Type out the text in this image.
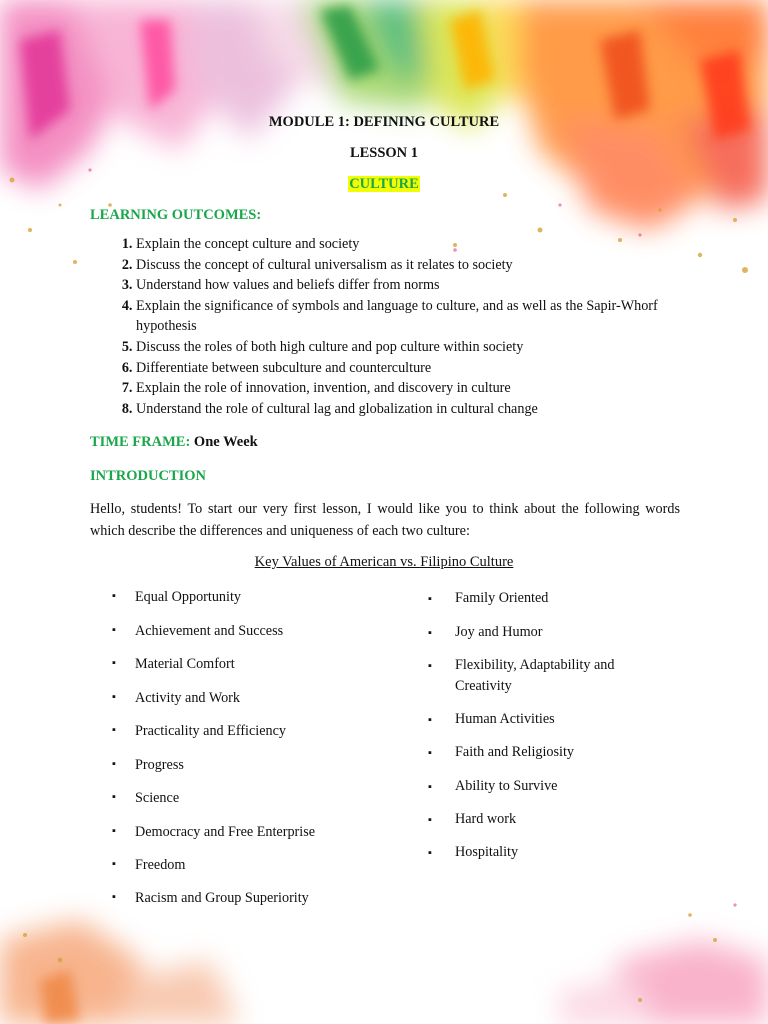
MODULE 1: DEFINING CULTURE
LESSON 1
CULTURE
LEARNING OUTCOMES:
1. Explain the concept culture and society
2. Discuss the concept of cultural universalism as it relates to society
3. Understand how values and beliefs differ from norms
4. Explain the significance of symbols and language to culture, and as well as the Sapir-Whorf hypothesis
5. Discuss the roles of both high culture and pop culture within society
6. Differentiate between subculture and counterculture
7. Explain the role of innovation, invention, and discovery in culture
8. Understand the role of cultural lag and globalization in cultural change
TIME FRAME: One Week
INTRODUCTION
Hello, students! To start our very first lesson, I would like you to think about the following words which describe the differences and uniqueness of each two culture:
Key Values of American vs. Filipino Culture
▪ Equal Opportunity
▪ Achievement and Success
▪ Material Comfort
▪ Activity and Work
▪ Practicality and Efficiency
▪ Progress
▪ Science
▪ Democracy and Free Enterprise
▪ Freedom
▪ Racism and Group Superiority
▪ Family Oriented
▪ Joy and Humor
▪ Flexibility, Adaptability and Creativity
▪ Human Activities
▪ Faith and Religiosity
▪ Ability to Survive
▪ Hard work
▪ Hospitality
